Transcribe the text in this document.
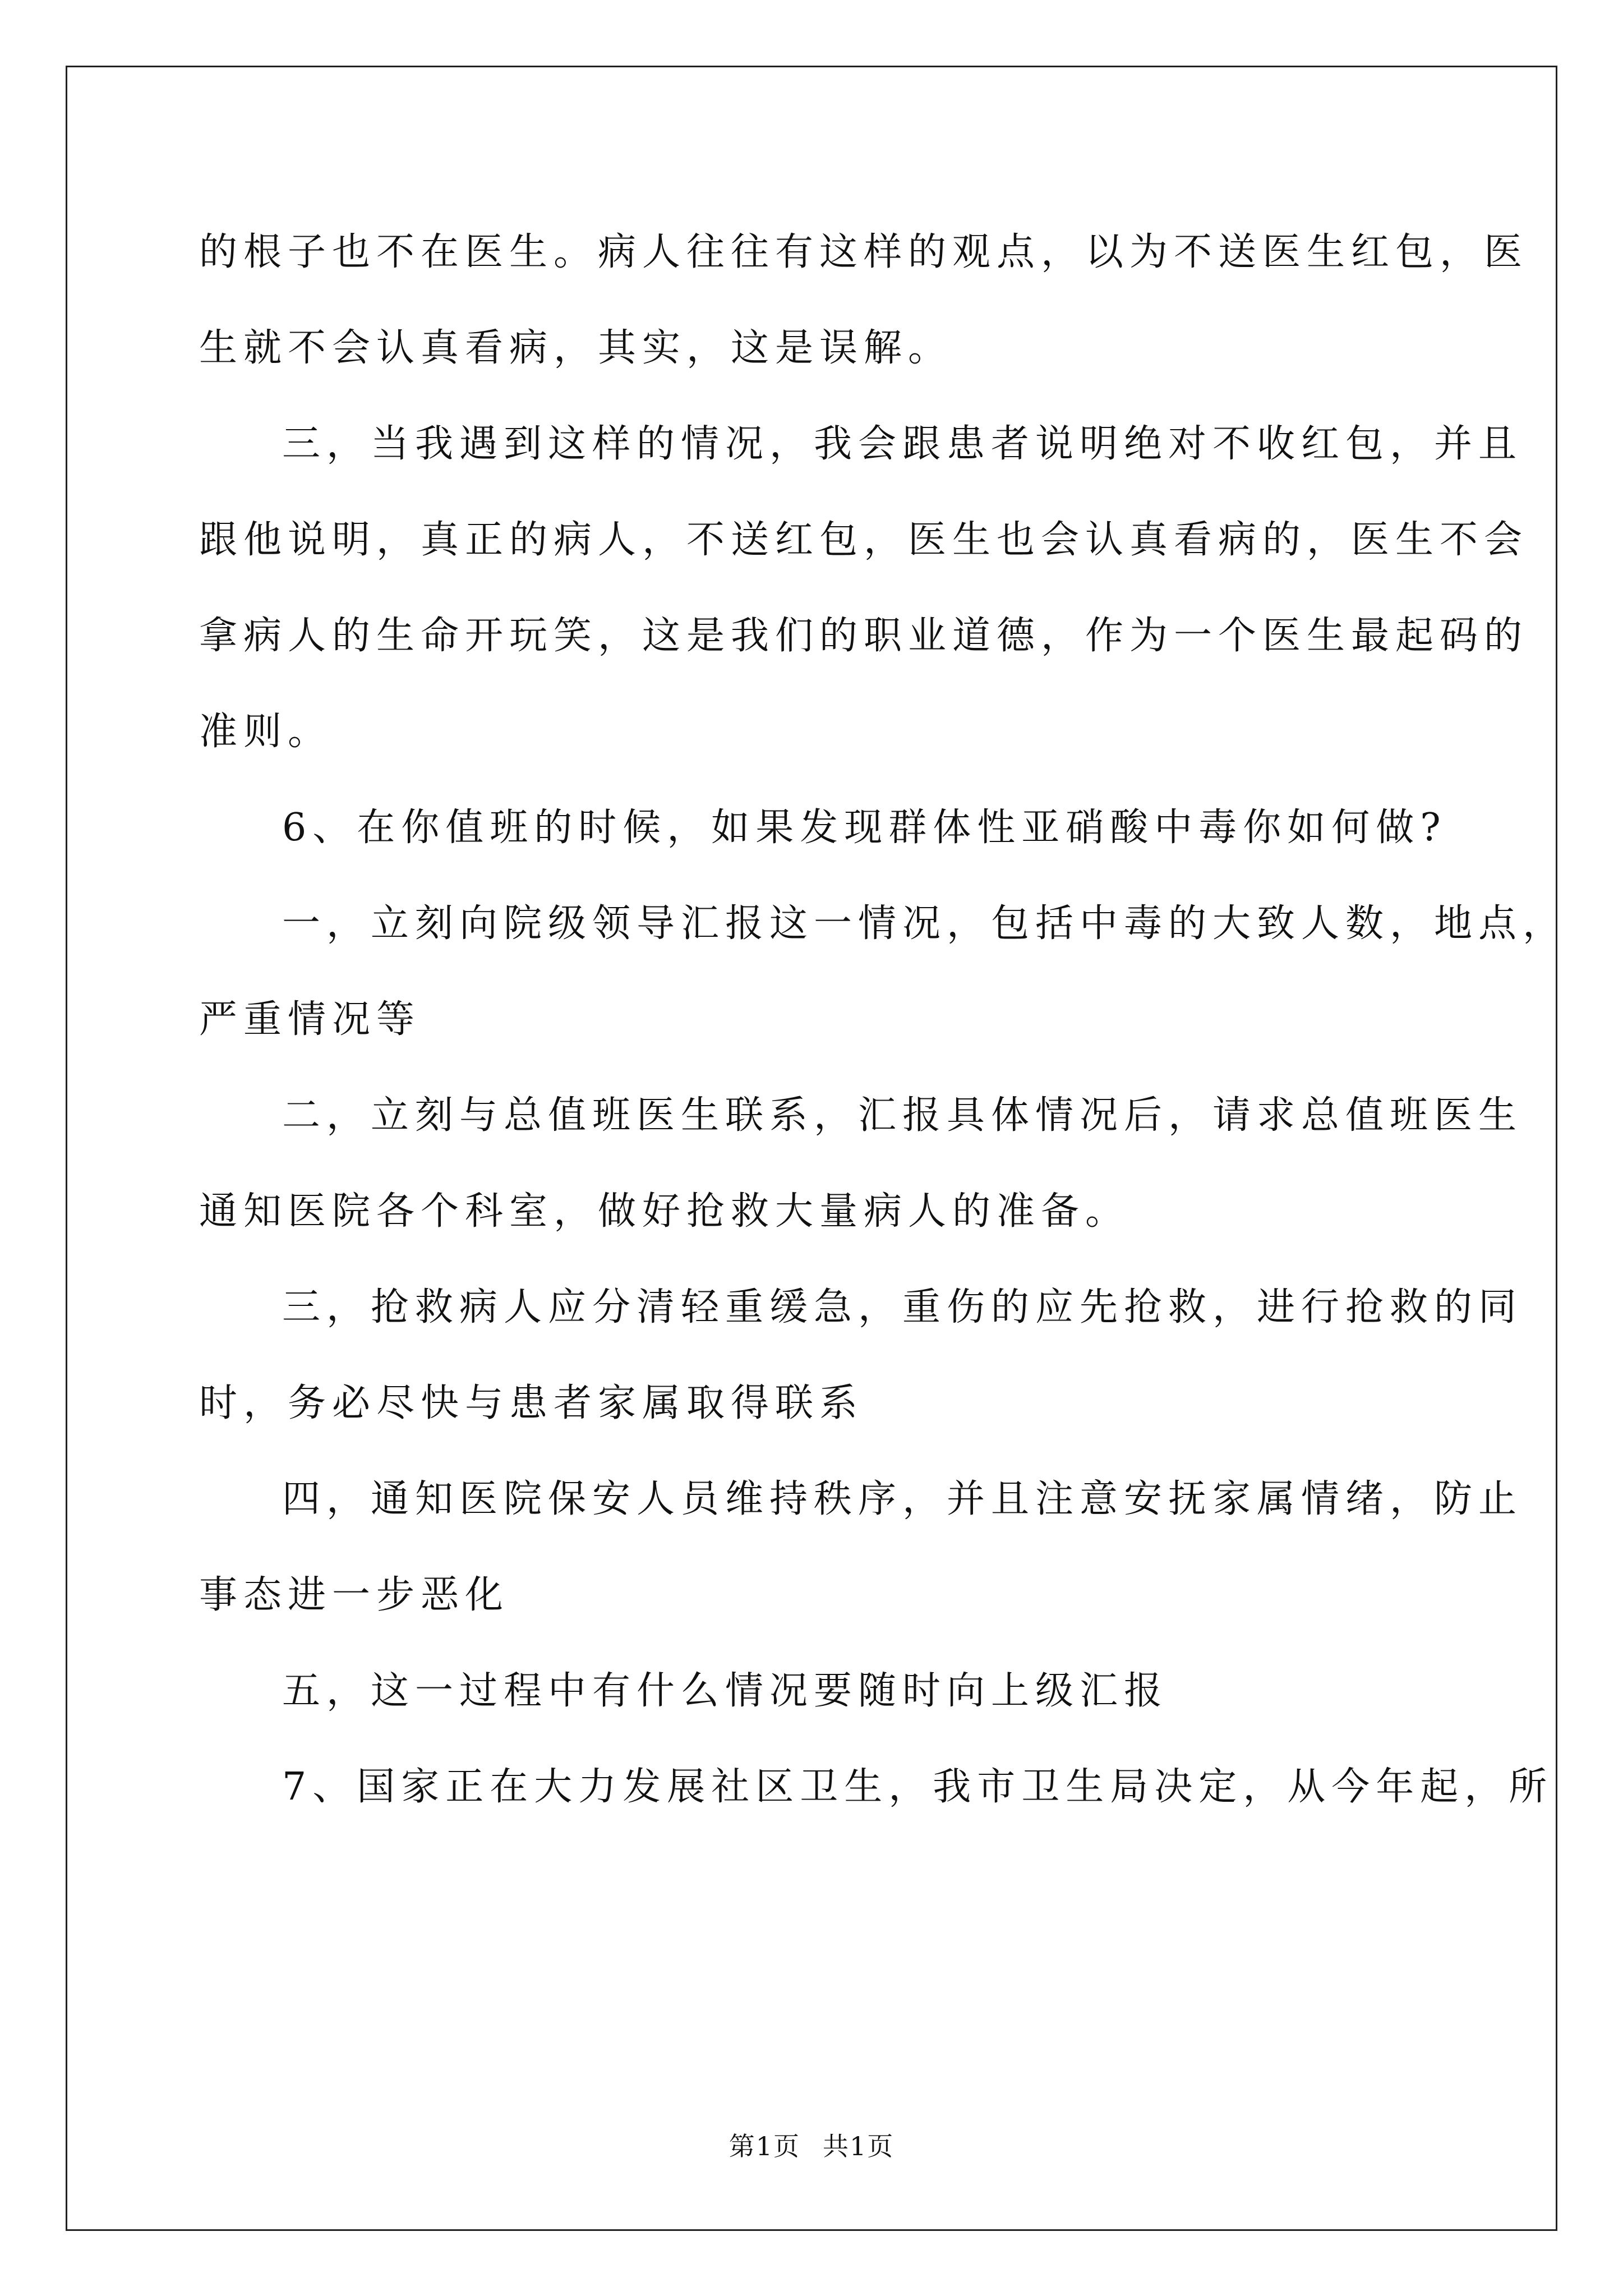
的根子也不在医生。病人往往有这样的观点，以为不送医生红包，医
生就不会认真看病，其实，这是误解。
三，当我遇到这样的情况，我会跟患者说明绝对不收红包，并且
跟他说明，真正的病人，不送红包，医生也会认真看病的，医生不会
拿病人的生命开玩笑，这是我们的职业道德，作为一个医生最起码的
准则。
6、在你值班的时候，如果发现群体性亚硝酸中毒你如何做?
一，立刻向院级领导汇报这一情况，包括中毒的大致人数，地点，
严重情况等
二，立刻与总值班医生联系，汇报具体情况后，请求总值班医生
通知医院各个科室，做好抢救大量病人的准备。
三，抢救病人应分清轻重缓急，重伤的应先抢救，进行抢救的同
时，务必尽快与患者家属取得联系
四，通知医院保安人员维持秩序，并且注意安抚家属情绪，防止
事态进一步恶化
五，这一过程中有什么情况要随时向上级汇报
7、国家正在大力发展社区卫生，我市卫生局决定，从今年起，所
第1页 共1页
